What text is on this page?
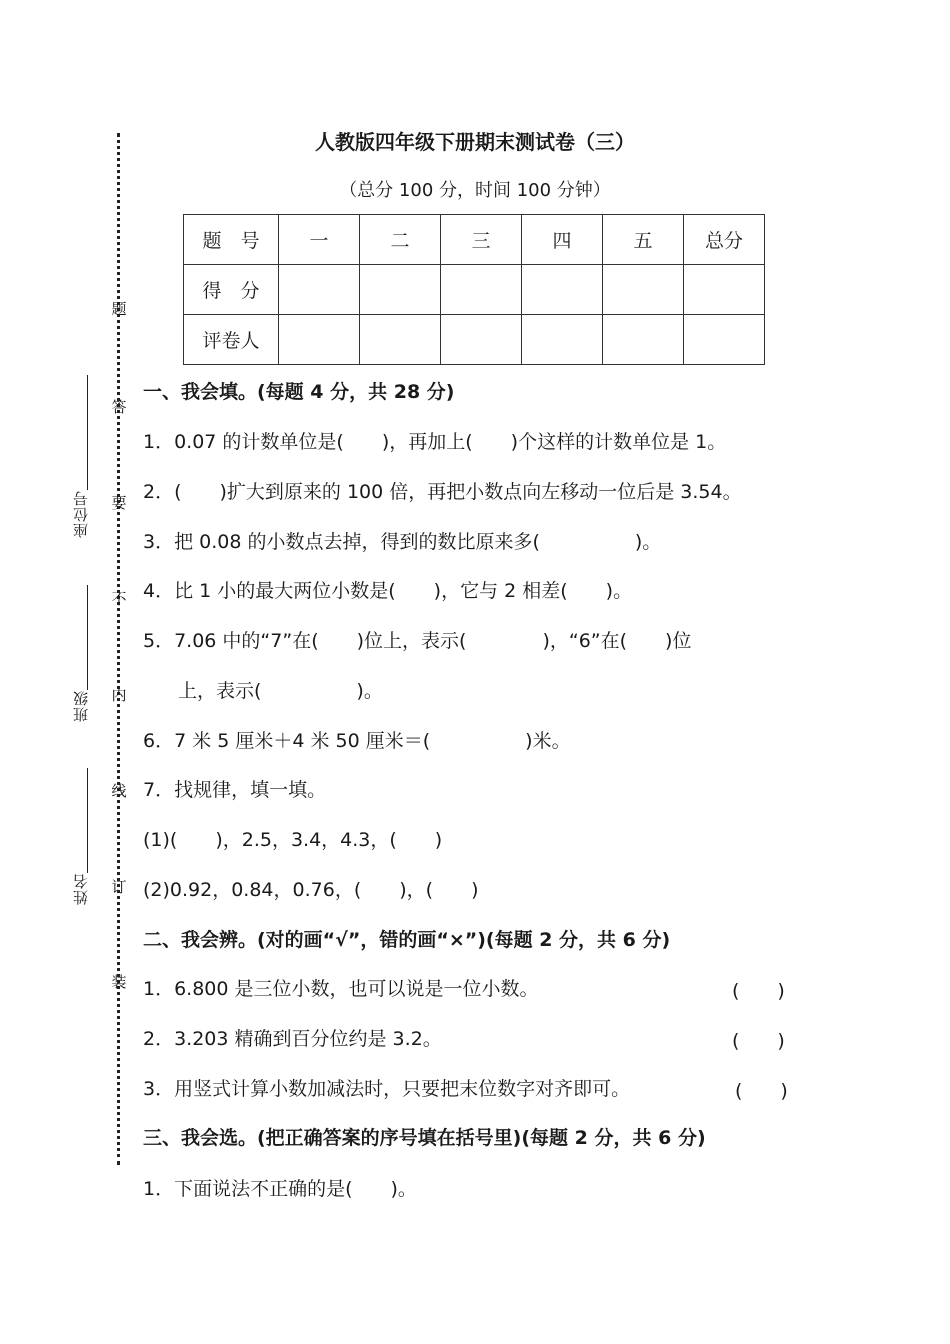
题
答
要
不
内
线
订
装
座位号
班级
姓名
人教版四年级下册期末测试卷（三）
（总分 100 分，时间 100 分钟）
题　号	一	二	三	四	五	总分
得　分						
评卷人						
一、我会填。(每题 4 分，共 28 分)
1．0.07 的计数单位是(　　)，再加上(　　)个这样的计数单位是 1。
2．(　　)扩大到原来的 100 倍，再把小数点向左移动一位后是 3.54。
3．把 0.08 的小数点去掉，得到的数比原来多(　　　　　)。
4．比 1 小的最大两位小数是(　　)，它与 2 相差(　　)。
5．7.06 中的“7”在(　　)位上，表示(　　　　)，“6”在(　　)位
上，表示(　　　　　)。
6．7 米 5 厘米＋4 米 50 厘米＝(　　　　　)米。
7．找规律，填一填。
(1)(　　)，2.5，3.4，4.3，(　　)
(2)0.92，0.84，0.76，(　　)，(　　)
二、我会辨。(对的画“√”，错的画“×”)(每题 2 分，共 6 分)
1．6.800 是三位小数，也可以说是一位小数。	(　　)
2．3.203 精确到百分位约是 3.2。	(　　)
3．用竖式计算小数加减法时，只要把末位数字对齐即可。	(　　)
三、我会选。(把正确答案的序号填在括号里)(每题 2 分，共 6 分)
1．下面说法不正确的是(　　)。
